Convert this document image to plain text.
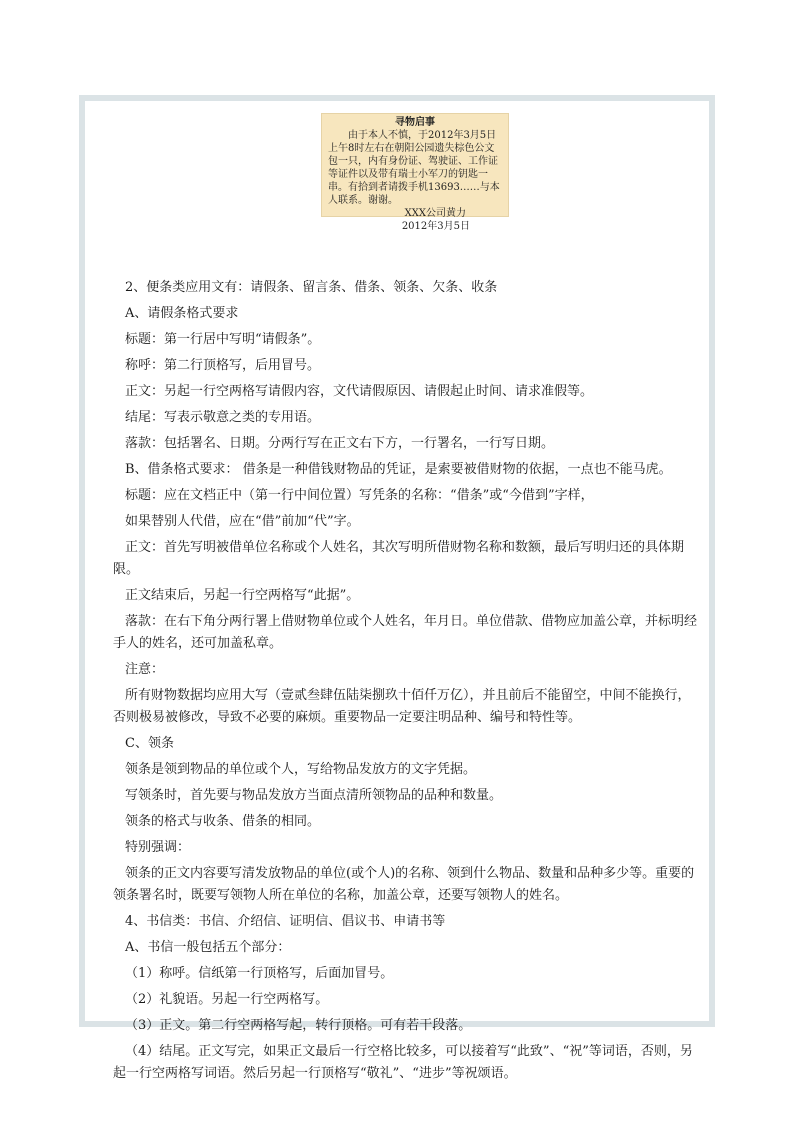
寻物启事
由于本人不慎，于2012年3月5日上午8时左右在朝阳公园遗失棕色公文包一只，内有身份证、驾驶证、工作证等证件以及带有瑞士小军刀的钥匙一串。有拾到者请拨手机13693……与本人联系。谢谢。
XXX公司黄力
2012年3月5日

2、便条类应用文有：请假条、留言条、借条、领条、欠条、收条

A、请假条格式要求

标题：第一行居中写明“请假条”。

称呼：第二行顶格写，后用冒号。

正文：另起一行空两格写请假内容，文代请假原因、请假起止时间、请求准假等。

结尾：写表示敬意之类的专用语。

落款：包括署名、日期。分两行写在正文右下方，一行署名，一行写日期。

B、借条格式要求： 借条是一种借钱财物品的凭证，是索要被借财物的依据，一点也不能马虎。

标题：应在文档正中（第一行中间位置）写凭条的名称：“借条”或“今借到”字样，

如果替别人代借，应在“借”前加“代”字。

正文：首先写明被借单位名称或个人姓名，其次写明所借财物名称和数额，最后写明归还的具体期限。

正文结束后，另起一行空两格写“此据”。

落款：在右下角分两行署上借财物单位或个人姓名，年月日。单位借款、借物应加盖公章，并标明经手人的姓名，还可加盖私章。

注意：

所有财物数据均应用大写（壹贰叁肆伍陆柒捌玖十佰仟万亿），并且前后不能留空，中间不能换行，否则极易被修改，导致不必要的麻烦。重要物品一定要注明品种、编号和特性等。

C、领条

领条是领到物品的单位或个人，写给物品发放方的文字凭据。

写领条时，首先要与物品发放方当面点清所领物品的品种和数量。

领条的格式与收条、借条的相同。

特别强调：

领条的正文内容要写清发放物品的单位(或个人)的名称、领到什么物品、数量和品种多少等。重要的领条署名时，既要写领物人所在单位的名称，加盖公章，还要写领物人的姓名。

4、书信类：书信、介绍信、证明信、倡议书、申请书等

A、书信一般包括五个部分：

（1）称呼。信纸第一行顶格写，后面加冒号。

（2）礼貌语。另起一行空两格写。

（3）正文。第二行空两格写起，转行顶格。可有若干段落。

（4）结尾。正文写完，如果正文最后一行空格比较多，可以接着写“此致”、“祝”等词语，否则，另起一行空两格写词语。然后另起一行顶格写“敬礼”、“进步”等祝颂语。
